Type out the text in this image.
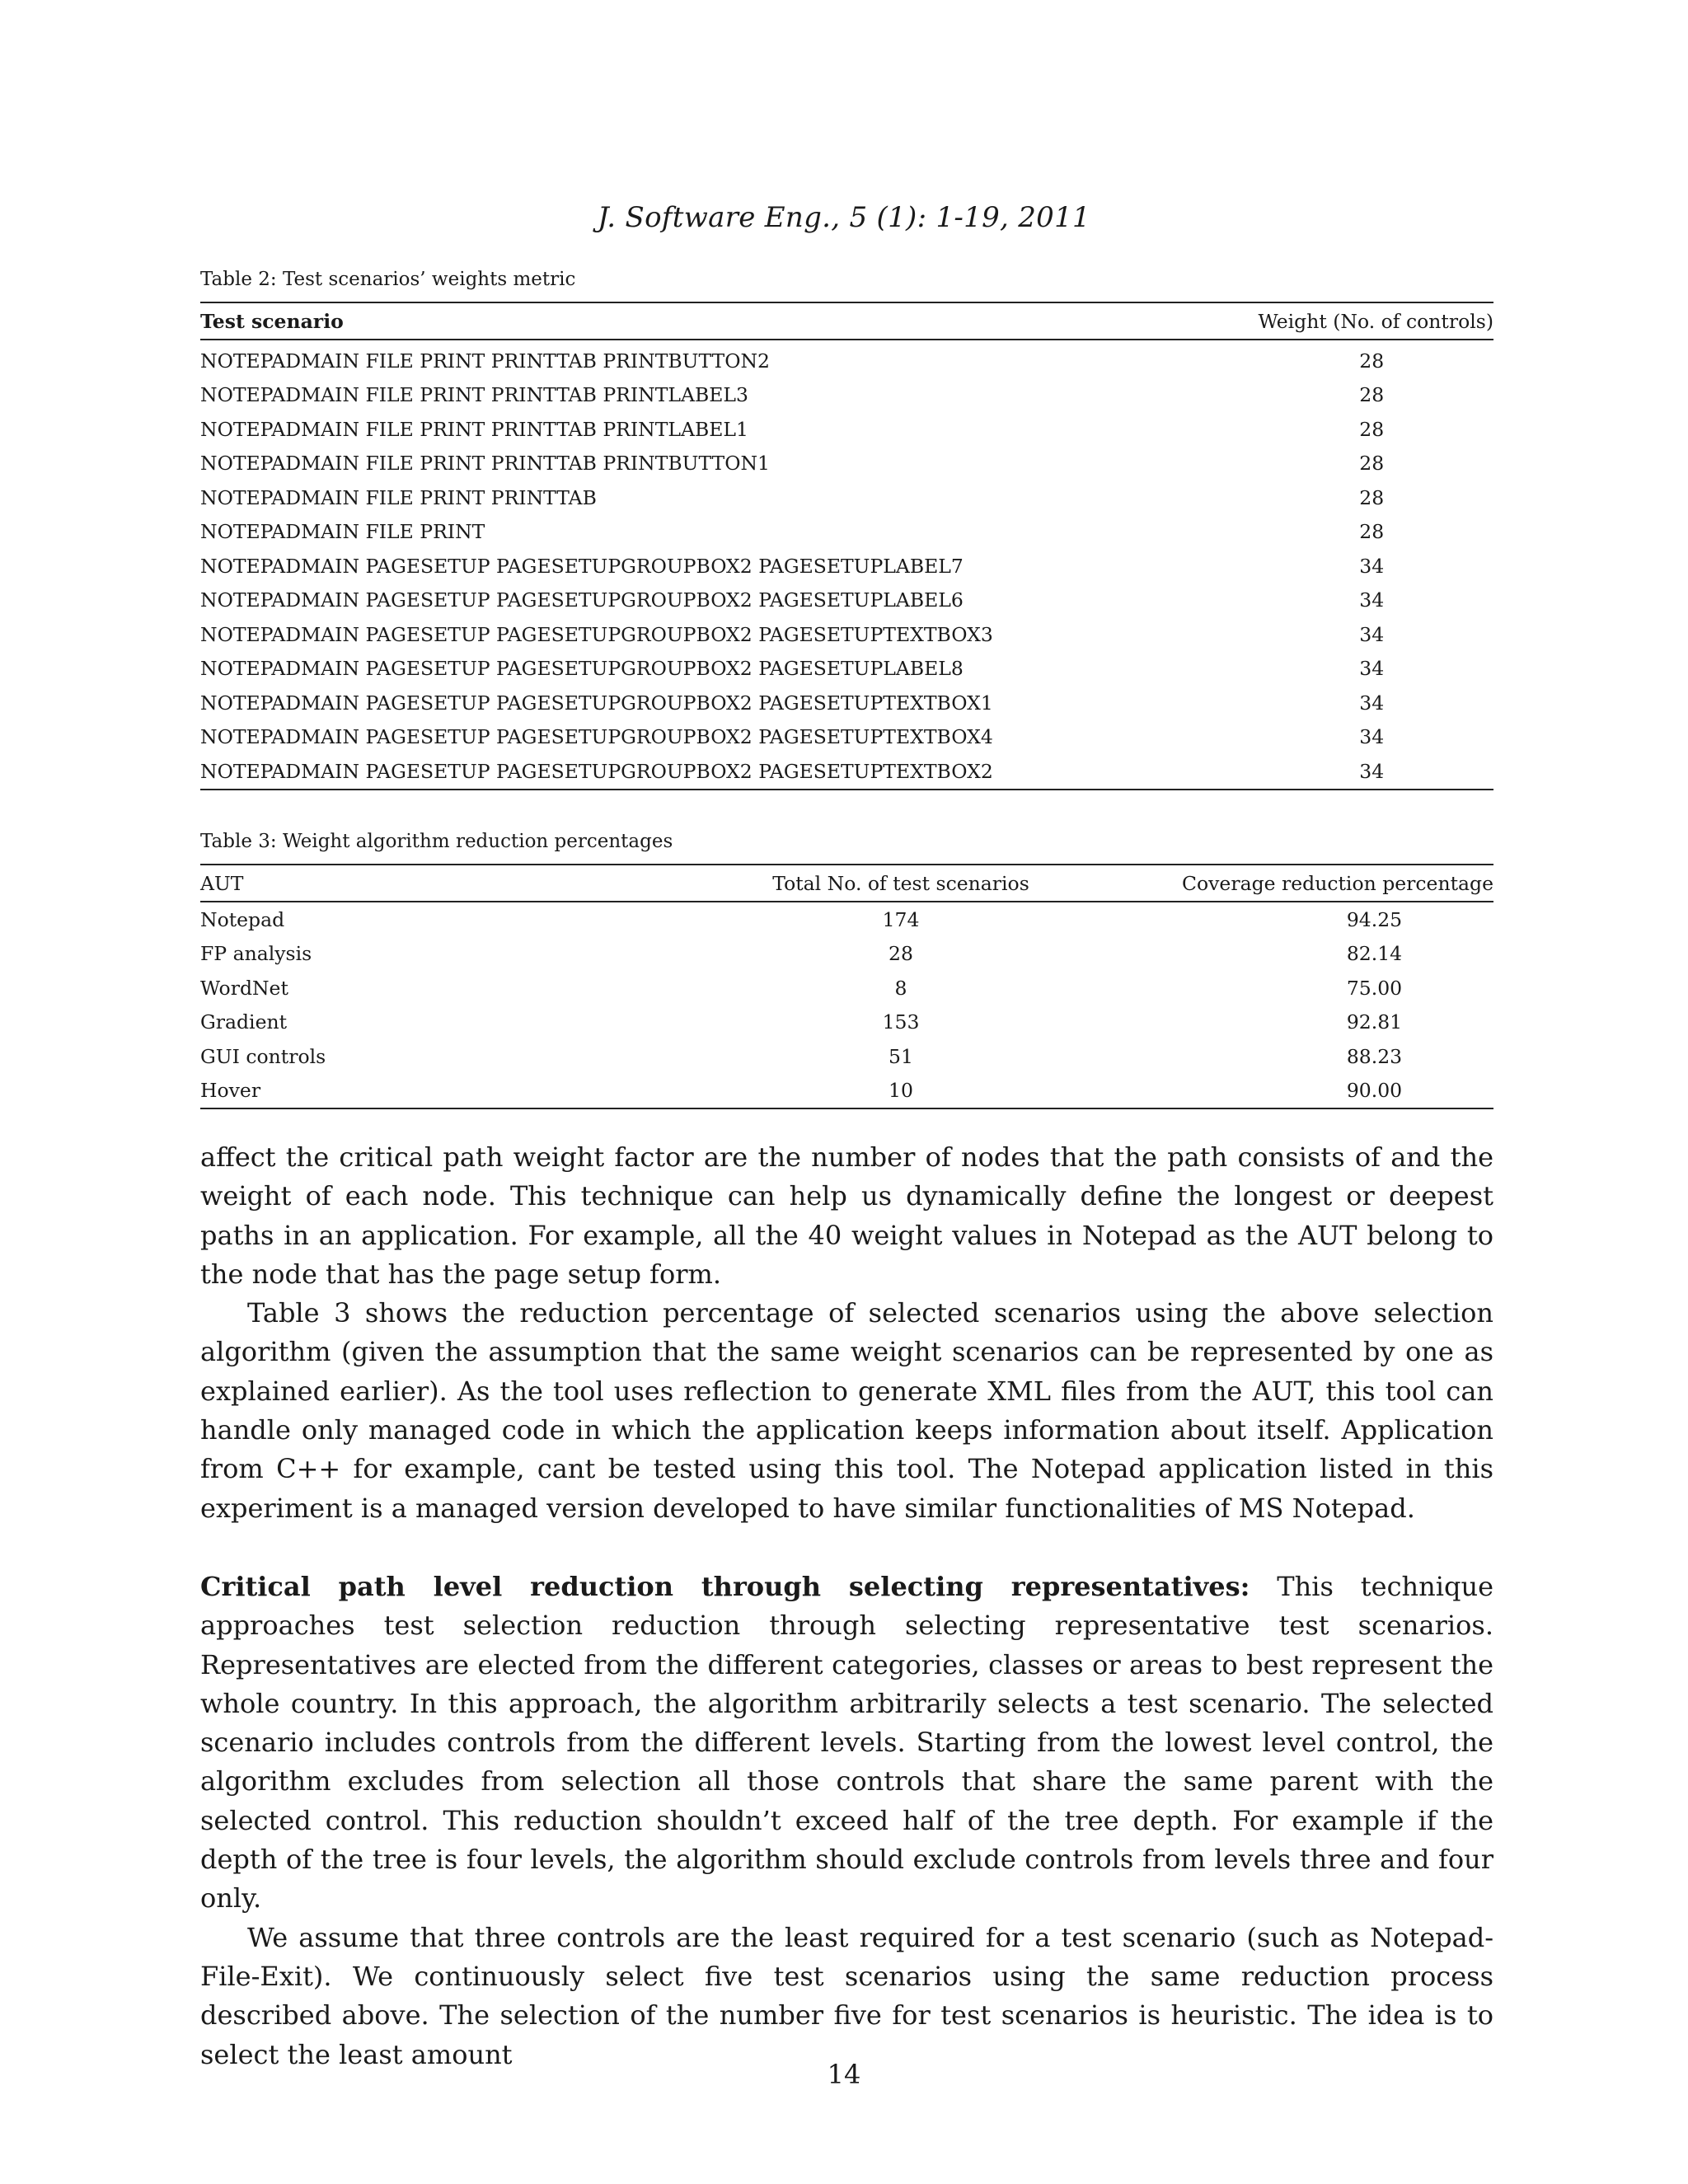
J. Software Eng., 5 (1): 1-19, 2011
Table 2: Test scenarios’ weights metric
Test scenario	Weight (No. of controls)
NOTEPADMAIN FILE PRINT PRINTTAB PRINTBUTTON2	28
NOTEPADMAIN FILE PRINT PRINTTAB PRINTLABEL3	28
NOTEPADMAIN FILE PRINT PRINTTAB PRINTLABEL1	28
NOTEPADMAIN FILE PRINT PRINTTAB PRINTBUTTON1	28
NOTEPADMAIN FILE PRINT PRINTTAB	28
NOTEPADMAIN FILE PRINT	28
NOTEPADMAIN PAGESETUP PAGESETUPGROUPBOX2 PAGESETUPLABEL7	34
NOTEPADMAIN PAGESETUP PAGESETUPGROUPBOX2 PAGESETUPLABEL6	34
NOTEPADMAIN PAGESETUP PAGESETUPGROUPBOX2 PAGESETUPTEXTBOX3	34
NOTEPADMAIN PAGESETUP PAGESETUPGROUPBOX2 PAGESETUPLABEL8	34
NOTEPADMAIN PAGESETUP PAGESETUPGROUPBOX2 PAGESETUPTEXTBOX1	34
NOTEPADMAIN PAGESETUP PAGESETUPGROUPBOX2 PAGESETUPTEXTBOX4	34
NOTEPADMAIN PAGESETUP PAGESETUPGROUPBOX2 PAGESETUPTEXTBOX2	34
Table 3: Weight algorithm reduction percentages
AUT	Total No. of test scenarios	Coverage reduction percentage
Notepad	174	94.25
FP analysis	28	82.14
WordNet	8	75.00
Gradient	153	92.81
GUI controls	51	88.23
Hover	10	90.00

affect the critical path weight factor are the number of nodes that the path consists of and the weight of each node. This technique can help us dynamically define the longest or deepest paths in an application. For example, all the 40 weight values in Notepad as the AUT belong to the node that has the page setup form.

Table 3 shows the reduction percentage of selected scenarios using the above selection algorithm (given the assumption that the same weight scenarios can be represented by one as explained earlier). As the tool uses reflection to generate XML files from the AUT, this tool can handle only managed code in which the application keeps information about itself. Application from C++ for example, cant be tested using this tool. The Notepad application listed in this experiment is a managed version developed to have similar functionalities of MS Notepad.

Critical path level reduction through selecting representatives: This technique approaches test selection reduction through selecting representative test scenarios. Representatives are elected from the different categories, classes or areas to best represent the whole country. In this approach, the algorithm arbitrarily selects a test scenario. The selected scenario includes controls from the different levels. Starting from the lowest level control, the algorithm excludes from selection all those controls that share the same parent with the selected control. This reduction shouldn’t exceed half of the tree depth. For example if the depth of the tree is four levels, the algorithm should exclude controls from levels three and four only.

We assume that three controls are the least required for a test scenario (such as Notepad-File-Exit). We continuously select five test scenarios using the same reduction process described above. The selection of the number five for test scenarios is heuristic. The idea is to select the least amount

14
